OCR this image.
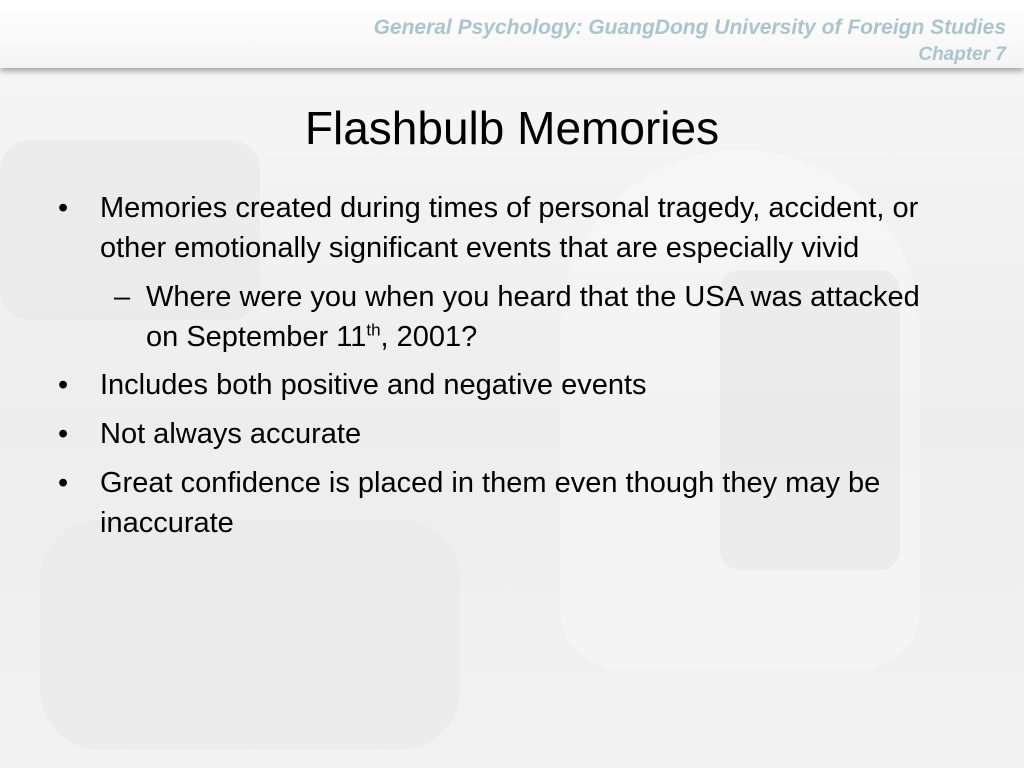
General Psychology: GuangDong University of Foreign Studies
Chapter 7
Flashbulb Memories
• Memories created during times of personal tragedy, accident, or other emotionally significant events that are especially vivid
– Where were you when you heard that the USA was attacked on September 11th, 2001?
• Includes both positive and negative events
• Not always accurate
• Great confidence is placed in them even though they may be inaccurate
